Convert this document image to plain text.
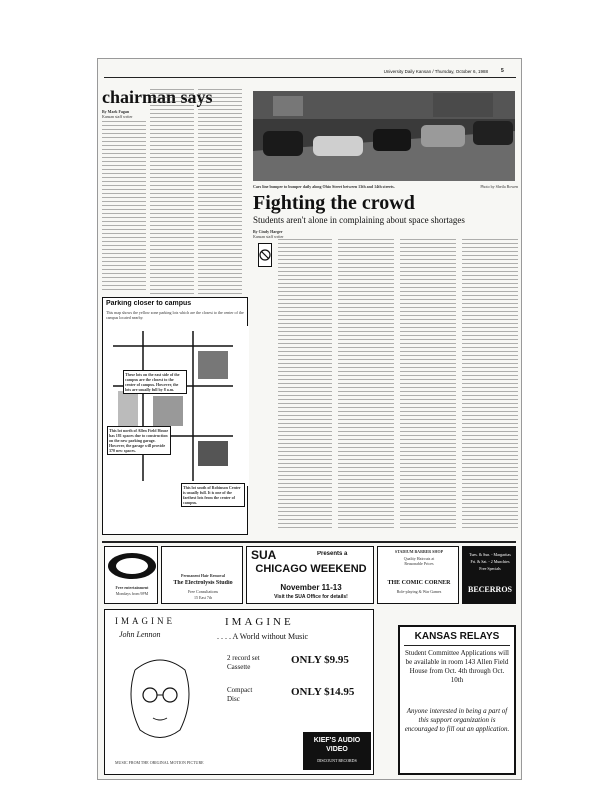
University Daily Kansan / Thursday, October 6, 1988	5
chairman says
By Mark Fagan
Kansan staff writer
Cars line bumper to bumper daily along Ohio Street between 13th and 14th streets.	Photo by Sheila Bowen
Fighting the crowd
Students aren't alone in complaining about space shortages
By Cindy Harger
Kansan staff writer
Parking closer to campus
This map shows the yellow zone parking lots which are the closest to the center of the campus located nearby.
These lots on the east side of the campus are the closest to the center of campus. However, the lots are usually full by 8 a.m.
This lot north of Allen Field House has 181 spaces due to construction on the new parking garage. However, the garage will provide 370 new spaces.
This lot south of Robinson Center is usually full. It is one of the farthest lots from the center of campus.
Free entertainment
Mondays from 9PM
Permanent Hair Removal
The Electrolysis Studio
Free Consultations
15 East 7th
SUA	Presents a
CHICAGO WEEKEND
November 11-13
Visit the SUA Office for details!
STADIUM BARBER SHOP
Quality Haircuts at
Reasonable Prices
THE COMIC CORNER
Role-playing & War Games
Tues. & Sun. - Margaritas
Fri. & Sat. - 2 Munchies
Free Specials
BECERROS
IMAGINE
John Lennon
MUSIC FROM THE ORIGINAL MOTION PICTURE
IMAGINE
. . . . A World without Music
2 record set
Cassette
ONLY $9.95
Compact
Disc
ONLY $14.95
KIEF'S AUDIO VIDEO
DISCOUNT RECORDS
KANSAS RELAYS
Student Committee Applications will be available in room 143 Allen Field House from Oct. 4th through Oct. 10th
Anyone interested in being a part of this support organization is encouraged to fill out an application.
